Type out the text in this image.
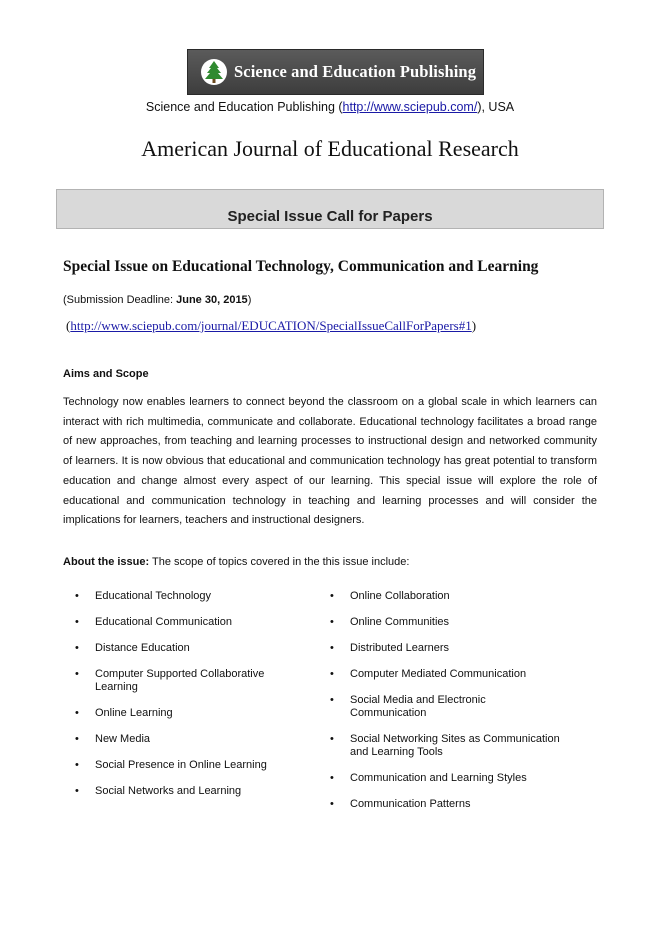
Science and Education Publishing
Science and Education Publishing (http://www.sciepub.com/), USA
American Journal of Educational Research
Special Issue Call for Papers
Special Issue on Educational Technology, Communication and Learning
(Submission Deadline: June 30, 2015)
(http://www.sciepub.com/journal/EDUCATION/SpecialIssueCallForPapers#1)
Aims and Scope

Technology now enables learners to connect beyond the classroom on a global scale in which learners can interact with rich multimedia, communicate and collaborate. Educational technology facilitates a broad range of new approaches, from teaching and learning processes to instructional design and networked community of learners. It is now obvious that educational and communication technology has great potential to transform education and change almost every aspect of our learning. This special issue will explore the role of educational and communication technology in teaching and learning processes and will consider the implications for learners, teachers and instructional designers.

About the issue: The scope of topics covered in the this issue include:
• Educational Technology
• Educational Communication
• Distance Education
• Computer Supported Collaborative Learning
• Online Learning
• New Media
• Social Presence in Online Learning
• Social Networks and Learning
• Online Collaboration
• Online Communities
• Distributed Learners
• Computer Mediated Communication
• Social Media and Electronic Communication
• Social Networking Sites as Communication and Learning Tools
• Communication and Learning Styles
• Communication Patterns
